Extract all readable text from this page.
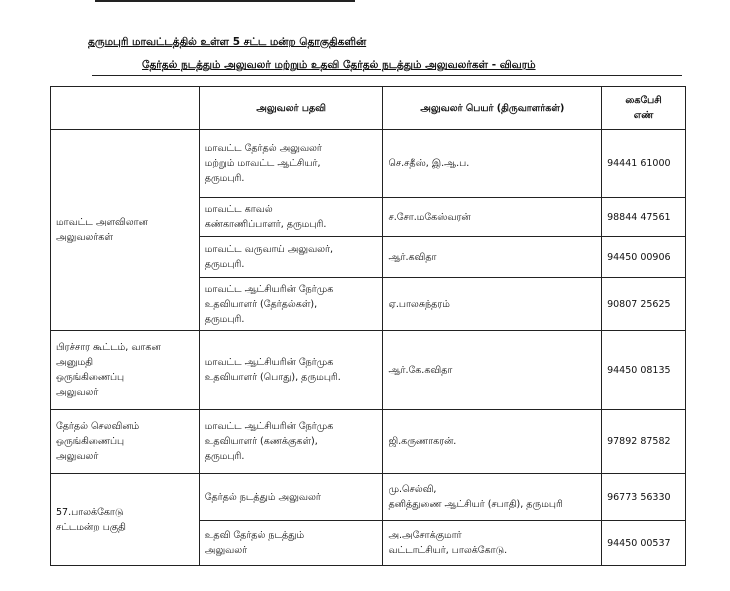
தருமபுரி மாவட்டத்தில் உள்ள 5 சட்ட மன்ற தொகுதிகளின்
தேர்தல் நடத்தும் அலுவலர் மற்றும் உதவி தேர்தல் நடத்தும் அலுவலர்கள் - விவரம்
	அலுவலர் பதவி	அலுவலர் பெயர் (திருவாளர்கள்)	கைபேசி
எண்

மாவட்ட அளவிலான
அலுவலர்கள்	மாவட்ட தேர்தல் அலுவலர்
மற்றும் மாவட்ட ஆட்சியர்,
தருமபுரி.	செ.சதீஸ், இ.ஆ.ப.	94441 61000

	மாவட்ட காவல்
கண்காணிப்பாளர், தருமபுரி.	ச.சோ.மகேஸ்வரன்	98844 47561

	மாவட்ட வருவாய் அலுவலர்,
தருமபுரி.	ஆர்.கவிதா	94450 00906

	மாவட்ட ஆட்சியரின் நேர்முக
உதவியாளர் (தேர்தல்கள்),
தருமபுரி.	ஏ.பாலசுந்தரம்	90807 25625

பிரச்சார கூட்டம், வாகன
அனுமதி
ஒருங்கிணைப்பு
அலுவலர்	மாவட்ட ஆட்சியரின் நேர்முக
உதவியாளர் (பொது), தருமபுரி.	ஆர்.கே.கவிதா	94450 08135

தேர்தல் செலவினம்
ஒருங்கிணைப்பு
அலுவலர்	மாவட்ட ஆட்சியரின் நேர்முக
உதவியாளர் (கணக்குகள்),
தருமபுரி.	ஜி.கருணாகரன்.	97892 87582

57.பாலக்கோடு
சட்டமன்ற பகுதி	தேர்தல் நடத்தும் அலுவலர்	மு.செல்வி,
தனித்துணை ஆட்சியர் (சபாதி), தருமபுரி	96773 56330

	உதவி தேர்தல் நடத்தும்
அலுவலர்	அ.அசோக்குமார்
வட்டாட்சியர், பாலக்கோடு.	94450 00537
